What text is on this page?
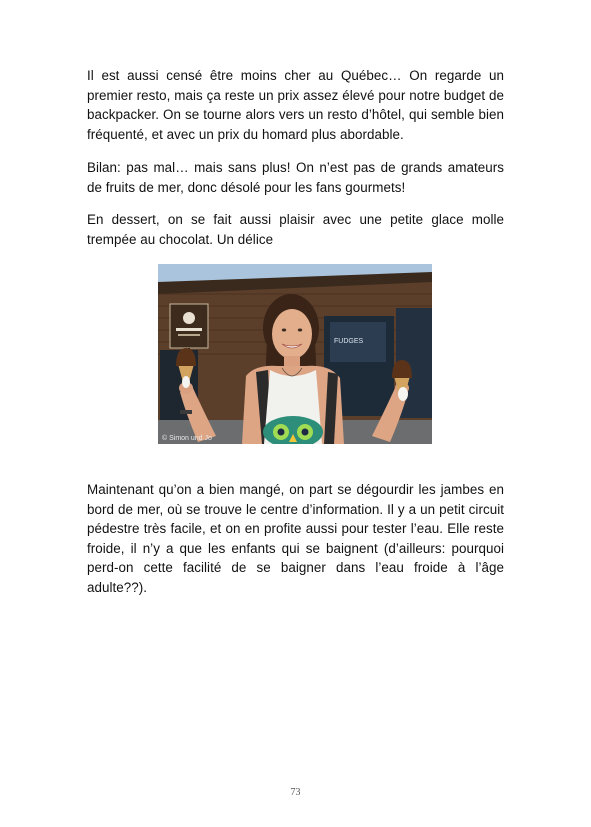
Il est aussi censé être moins cher au Québec… On regarde un premier resto, mais ça reste un prix assez élevé pour notre budget de backpacker. On se tourne alors vers un resto d’hôtel, qui semble bien fréquenté, et avec un prix du homard plus abordable.

Bilan: pas mal… mais sans plus! On n’est pas de grands amateurs de fruits de mer, donc désolé pour les fans gourmets!

En dessert, on se fait aussi plaisir avec une petite glace molle trempée au chocolat. Un délice

FUDGES
© Simon und Jo

Maintenant qu’on a bien mangé, on part se dégourdir les jambes en bord de mer, où se trouve le centre d’information. Il y a un petit circuit pédestre très facile, et on en profite aussi pour tester l’eau. Elle reste froide, il n’y a que les enfants qui se baignent (d’ailleurs: pourquoi perd-on cette facilité de se baigner dans l’eau froide à l’âge adulte??).

73
